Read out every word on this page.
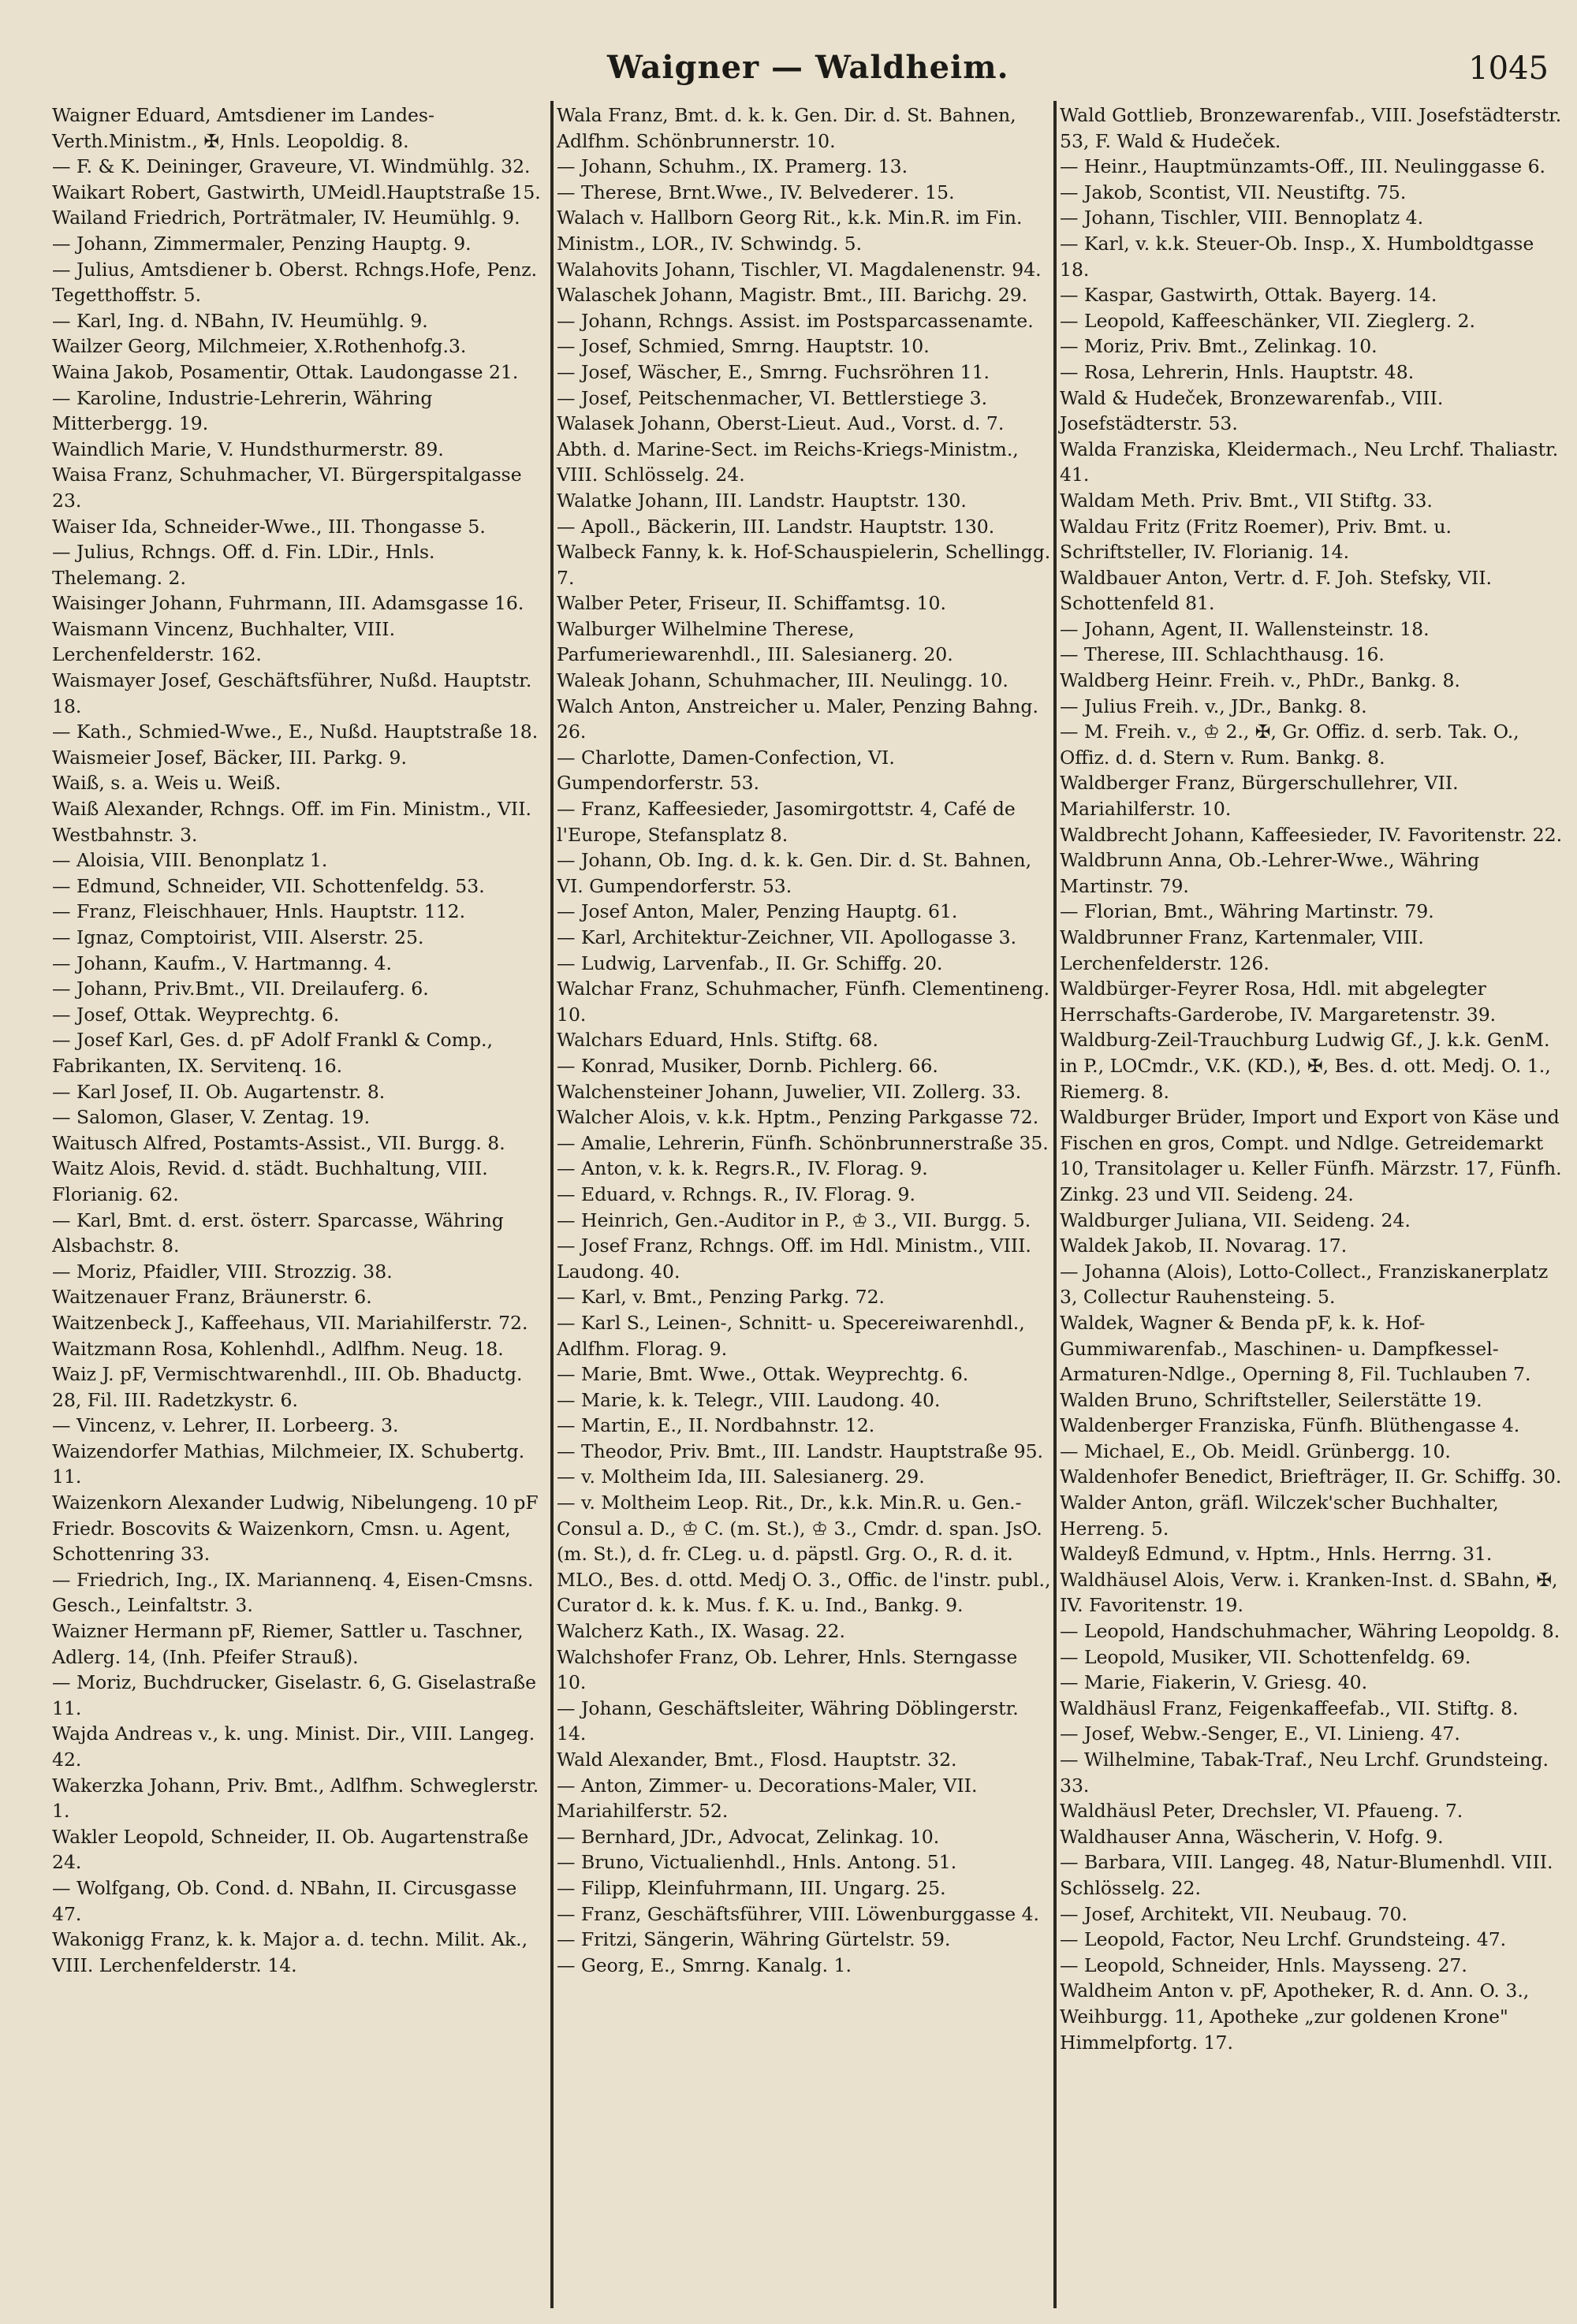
Waigner — Waldheim.	1045
Waigner Eduard, Amtsdiener im Landes-Verth.Ministm., ✠, Hnls. Leopoldig. 8.
— F. & K. Deininger, Graveure, VI. Windmühlg. 32.
Waikart Robert, Gastwirth, UMeidl.Hauptstraße 15.
Wailand Friedrich, Porträtmaler, IV. Heumühlg. 9.
— Johann, Zimmermaler, Penzing Hauptg. 9.
— Julius, Amtsdiener b. Oberst. Rchngs.Hofe, Penz. Tegetthoffstr. 5.
— Karl, Ing. d. NBahn, IV. Heumühlg. 9.
Wailzer Georg, Milchmeier, X.Rothenhofg.3.
Waina Jakob, Posamentir, Ottak. Laudongasse 21.
— Karoline, Industrie-Lehrerin, Währing Mitterbergg. 19.
Waindlich Marie, V. Hundsthurmerstr. 89.
Waisa Franz, Schuhmacher, VI. Bürgerspitalgasse 23.
Waiser Ida, Schneider-Wwe., III. Thongasse 5.
— Julius, Rchngs. Off. d. Fin. LDir., Hnls. Thelemang. 2.
Waisinger Johann, Fuhrmann, III. Adamsgasse 16.
Waismann Vincenz, Buchhalter, VIII. Lerchenfelderstr. 162.
Waismayer Josef, Geschäftsführer, Nußd. Hauptstr. 18.
— Kath., Schmied-Wwe., E., Nußd. Hauptstraße 18.
Waismeier Josef, Bäcker, III. Parkg. 9.
Waiß, s. a. Weis u. Weiß.
Waiß Alexander, Rchngs. Off. im Fin. Ministm., VII. Westbahnstr. 3.
— Aloisia, VIII. Benonplatz 1.
— Edmund, Schneider, VII. Schottenfeldg. 53.
— Franz, Fleischhauer, Hnls. Hauptstr. 112.
— Ignaz, Comptoirist, VIII. Alserstr. 25.
— Johann, Kaufm., V. Hartmanng. 4.
— Johann, Priv.Bmt., VII. Dreilauferg. 6.
— Josef, Ottak. Weyprechtg. 6.
— Josef Karl, Ges. d. pF Adolf Frankl & Comp., Fabrikanten, IX. Servitenq. 16.
— Karl Josef, II. Ob. Augartenstr. 8.
— Salomon, Glaser, V. Zentag. 19.
Waitusch Alfred, Postamts-Assist., VII. Burgg. 8.
Waitz Alois, Revid. d. städt. Buchhaltung, VIII. Florianig. 62.
— Karl, Bmt. d. erst. österr. Sparcasse, Währing Alsbachstr. 8.
— Moriz, Pfaidler, VIII. Strozzig. 38.
Waitzenauer Franz, Bräunerstr. 6.
Waitzenbeck J., Kaffeehaus, VII. Mariahilferstr. 72.
Waitzmann Rosa, Kohlenhdl., Adlfhm. Neug. 18.
Waiz J. pF, Vermischtwarenhdl., III. Ob. Bhaductg. 28, Fil. III. Radetzkystr. 6.
— Vincenz, v. Lehrer, II. Lorbeerg. 3.
Waizendorfer Mathias, Milchmeier, IX. Schubertg. 11.
Waizenkorn Alexander Ludwig, Nibelungeng. 10 pF Friedr. Boscovits & Waizenkorn, Cmsn. u. Agent, Schottenring 33.
— Friedrich, Ing., IX. Mariannenq. 4, Eisen-Cmsns. Gesch., Leinfaltstr. 3.
Waizner Hermann pF, Riemer, Sattler u. Taschner, Adlerg. 14, (Inh. Pfeifer Strauß).
— Moriz, Buchdrucker, Giselastr. 6, G. Giselastraße 11.
Wajda Andreas v., k. ung. Minist. Dir., VIII. Langeg. 42.
Wakerzka Johann, Priv. Bmt., Adlfhm. Schweglerstr. 1.
Wakler Leopold, Schneider, II. Ob. Augartenstraße 24.
— Wolfgang, Ob. Cond. d. NBahn, II. Circusgasse 47.
Wakonigg Franz, k. k. Major a. d. techn. Milit. Ak., VIII. Lerchenfelderstr. 14.
Wala Franz, Bmt. d. k. k. Gen. Dir. d. St. Bahnen, Adlfhm. Schönbrunnerstr. 10.
— Johann, Schuhm., IX. Pramerg. 13.
— Therese, Brnt.Wwe., IV. Belvederег. 15.
Walach v. Hallborn Georg Rit., k.k. Min.R. im Fin. Ministm., LOR., IV. Schwindg. 5.
Walahovits Johann, Tischler, VI. Magdalenenstr. 94.
Walaschek Johann, Magistr. Bmt., III. Barichg. 29.
— Johann, Rchngs. Assist. im Postsparcassenamte.
— Josef, Schmied, Smrng. Hauptstr. 10.
— Josef, Wäscher, E., Smrng. Fuchsröhren 11.
— Josef, Peitschenmacher, VI. Bettlerstiege 3.
Walasek Johann, Oberst-Lieut. Aud., Vorst. d. 7. Abth. d. Marine-Sect. im Reichs-Kriegs-Ministm., VIII. Schlösselg. 24.
Walatke Johann, III. Landstr. Hauptstr. 130.
— Apoll., Bäckerin, III. Landstr. Hauptstr. 130.
Walbeck Fanny, k. k. Hof-Schauspielerin, Schellingg. 7.
Walber Peter, Friseur, II. Schiffamtsg. 10.
Walburger Wilhelmine Therese, Parfumeriewarenhdl., III. Salesianerg. 20.
Waleak Johann, Schuhmacher, III. Neulingg. 10.
Walch Anton, Anstreicher u. Maler, Penzing Bahng. 26.
— Charlotte, Damen-Confection, VI. Gumpendorferstr. 53.
— Franz, Kaffeesieder, Jasomirgottstr. 4, Café de l'Europe, Stefansplatz 8.
— Johann, Ob. Ing. d. k. k. Gen. Dir. d. St. Bahnen, VI. Gumpendorferstr. 53.
— Josef Anton, Maler, Penzing Hauptg. 61.
— Karl, Architektur-Zeichner, VII. Apollogasse 3.
— Ludwig, Larvenfab., II. Gr. Schiffg. 20.
Walchar Franz, Schuhmacher, Fünfh. Clementineng. 10.
Walchars Eduard, Hnls. Stiftg. 68.
— Konrad, Musiker, Dornb. Pichlerg. 66.
Walchensteiner Johann, Juwelier, VII. Zollerg. 33.
Walcher Alois, v. k.k. Hptm., Penzing Parkgasse 72.
— Amalie, Lehrerin, Fünfh. Schönbrunnerstraße 35.
— Anton, v. k. k. Regrs.R., IV. Florag. 9.
— Eduard, v. Rchngs. R., IV. Florag. 9.
— Heinrich, Gen.-Auditor in P., ♔ 3., VII. Burgg. 5.
— Josef Franz, Rchngs. Off. im Hdl. Ministm., VIII. Laudong. 40.
— Karl, v. Bmt., Penzing Parkg. 72.
— Karl S., Leinen-, Schnitt- u. Specereiwarenhdl., Adlfhm. Florag. 9.
— Marie, Bmt. Wwe., Ottak. Weyprechtg. 6.
— Marie, k. k. Telegr., VIII. Laudong. 40.
— Martin, E., II. Nordbahnstr. 12.
— Theodor, Priv. Bmt., III. Landstr. Hauptstraße 95.
— v. Moltheim Ida, III. Salesianerg. 29.
— v. Moltheim Leop. Rit., Dr., k.k. Min.R. u. Gen.-Consul a. D., ♔ C. (m. St.), ♔ 3., Cmdr. d. span. JsO. (m. St.), d. fr. CLeg. u. d. päpstl. Grg. O., R. d. it. MLO., Bes. d. ottd. Medj O. 3., Offic. de l'instr. publ., Curator d. k. k. Mus. f. K. u. Ind., Bankg. 9.
Walcherz Kath., IX. Wasag. 22.
Walchshofer Franz, Ob. Lehrer, Hnls. Sterngasse 10.
— Johann, Geschäftsleiter, Währing Döblingerstr. 14.
Wald Alexander, Bmt., Flosd. Hauptstr. 32.
— Anton, Zimmer- u. Decorations-Maler, VII. Mariahilferstr. 52.
— Bernhard, JDr., Advocat, Zelinkag. 10.
— Bruno, Victualienhdl., Hnls. Antong. 51.
— Filipp, Kleinfuhrmann, III. Ungarg. 25.
— Franz, Geschäftsführer, VIII. Löwenburggasse 4.
— Fritzi, Sängerin, Währing Gürtelstr. 59.
— Georg, E., Smrng. Kanalg. 1.
Wald Gottlieb, Bronzewarenfab., VIII. Josefstädterstr. 53, F. Wald & Hudeček.
— Heinr., Hauptmünzamts-Off., III. Neulinggasse 6.
— Jakob, Scontist, VII. Neustiftg. 75.
— Johann, Tischler, VIII. Bennoplatz 4.
— Karl, v. k.k. Steuer-Ob. Insp., X. Humboldtgasse 18.
— Kaspar, Gastwirth, Ottak. Bayerg. 14.
— Leopold, Kaffeeschänker, VII. Zieglerg. 2.
— Moriz, Priv. Bmt., Zelinkag. 10.
— Rosa, Lehrerin, Hnls. Hauptstr. 48.
Wald & Hudeček, Bronzewarenfab., VIII. Josefstädterstr. 53.
Walda Franziska, Kleidermach., Neu Lrchf. Thaliastr. 41.
Waldam Meth. Priv. Bmt., VII Stiftg. 33.
Waldau Fritz (Fritz Roemer), Priv. Bmt. u. Schriftsteller, IV. Florianig. 14.
Waldbauer Anton, Vertr. d. F. Joh. Stefsky, VII. Schottenfeld 81.
— Johann, Agent, II. Wallensteinstr. 18.
— Therese, III. Schlachthausg. 16.
Waldberg Heinr. Freih. v., PhDr., Bankg. 8.
— Julius Freih. v., JDr., Bankg. 8.
— M. Freih. v., ♔ 2., ✠, Gr. Offiz. d. serb. Tak. O., Offiz. d. d. Stern v. Rum. Bankg. 8.
Waldberger Franz, Bürgerschullehrer, VII. Mariahilferstr. 10.
Waldbrecht Johann, Kaffeesieder, IV. Favoritenstr. 22.
Waldbrunn Anna, Ob.-Lehrer-Wwe., Währing Martinstr. 79.
— Florian, Bmt., Währing Martinstr. 79.
Waldbrunner Franz, Kartenmaler, VIII. Lerchenfelderstr. 126.
Waldbürger-Feyrer Rosa, Hdl. mit abgelegter Herrschafts-Garderobe, IV. Margaretenstr. 39.
Waldburg-Zeil-Trauchburg Ludwig Gf., J. k.k. GenM. in P., LOCmdr., V.K. (KD.), ✠, Bes. d. ott. Medj. O. 1., Riemerg. 8.
Waldburger Brüder, Import und Export von Käse und Fischen en gros, Compt. und Ndlge. Getreidemarkt 10, Transitolager u. Keller Fünfh. Märzstr. 17, Fünfh. Zinkg. 23 und VII. Seideng. 24.
Waldburger Juliana, VII. Seideng. 24.
Waldek Jakob, II. Novarag. 17.
— Johanna (Alois), Lotto-Collect., Franziskanerplatz 3, Collectur Rauhensteing. 5.
Waldek, Wagner & Benda pF, k. k. Hof-Gummiwarenfab., Maschinen- u. Dampfkessel-Armaturen-Ndlge., Operning 8, Fil. Tuchlauben 7.
Walden Bruno, Schriftsteller, Seilerstätte 19.
Waldenberger Franziska, Fünfh. Blüthengasse 4.
— Michael, E., Ob. Meidl. Grünbergg. 10.
Waldenhofer Benedict, Briefträger, II. Gr. Schiffg. 30.
Walder Anton, gräfl. Wilczek'scher Buchhalter, Herreng. 5.
Waldeyß Edmund, v. Hptm., Hnls. Herrng. 31.
Waldhäusel Alois, Verw. i. Kranken-Inst. d. SBahn, ✠, IV. Favoritenstr. 19.
— Leopold, Handschuhmacher, Währing Leopoldg. 8.
— Leopold, Musiker, VII. Schottenfeldg. 69.
— Marie, Fiakerin, V. Griesg. 40.
Waldhäusl Franz, Feigenkaffeefab., VII. Stiftg. 8.
— Josef, Webw.-Senger, E., VI. Linieng. 47.
— Wilhelmine, Tabak-Traf., Neu Lrchf. Grundsteing. 33.
Waldhäusl Peter, Drechsler, VI. Pfaueng. 7.
Waldhauser Anna, Wäscherin, V. Hofg. 9.
— Barbara, VIII. Langeg. 48, Natur-Blumenhdl. VIII. Schlösselg. 22.
— Josef, Architekt, VII. Neubaug. 70.
— Leopold, Factor, Neu Lrchf. Grundsteing. 47.
— Leopold, Schneider, Hnls. Maysseng. 27.
Waldheim Anton v. pF, Apotheker, R. d. Ann. O. 3., Weihburgg. 11, Apotheke „zur goldenen Krone" Himmelpfortg. 17.
